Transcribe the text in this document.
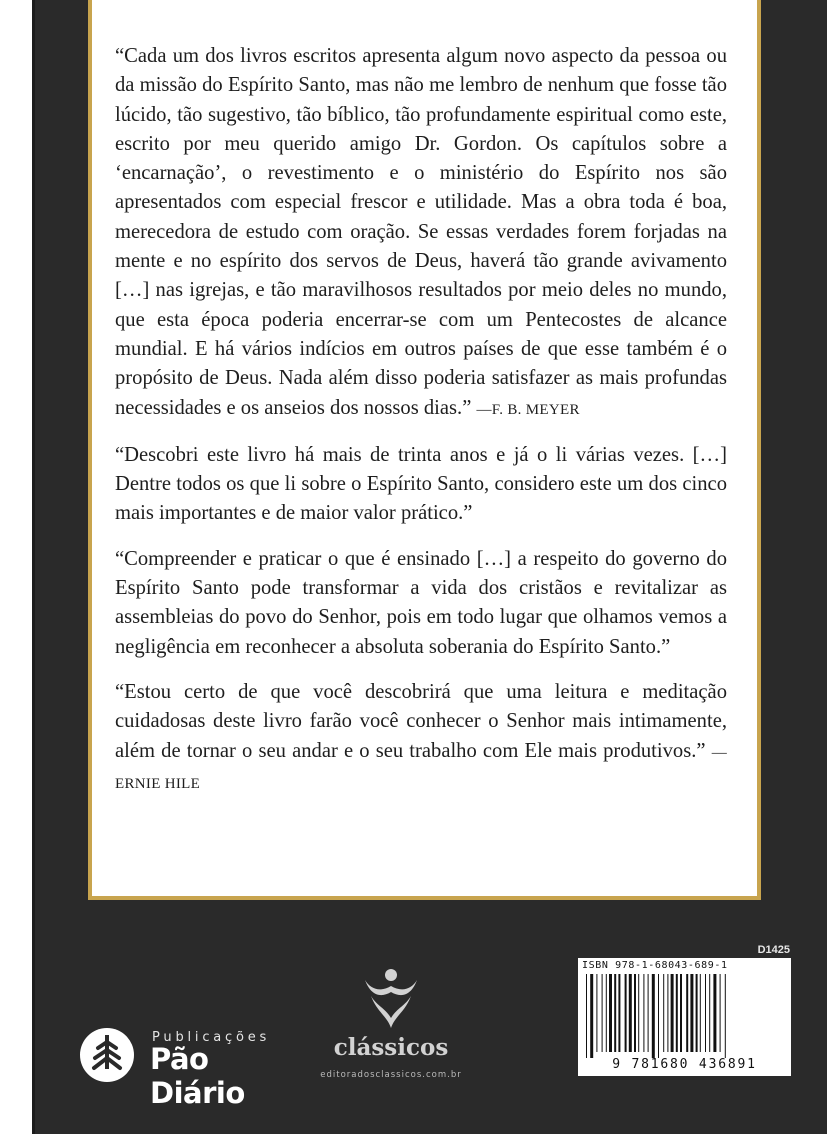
“Cada um dos livros escritos apresenta algum novo aspecto da pessoa ou da missão do Espírito Santo, mas não me lembro de nenhum que fosse tão lúcido, tão sugestivo, tão bíblico, tão profundamente espiritual como este, escrito por meu querido amigo Dr. Gordon. Os capítulos sobre a ‘encarnação’, o revestimento e o ministério do Espírito nos são apresentados com especial frescor e utilidade. Mas a obra toda é boa, merecedora de estudo com oração. Se essas verdades forem forjadas na mente e no espírito dos servos de Deus, haverá tão grande avivamento […] nas igrejas, e tão maravilhosos resultados por meio deles no mundo, que esta época poderia encerrar-se com um Pentecostes de alcance mundial. E há vários indícios em outros países de que esse também é o propósito de Deus. Nada além disso poderia satisfazer as mais profundas necessidades e os anseios dos nossos dias.” —F. B. MEYER

“Descobri este livro há mais de trinta anos e já o li várias vezes. […] Dentre todos os que li sobre o Espírito Santo, considero este um dos cinco mais importantes e de maior valor prático.”

“Compreender e praticar o que é ensinado […] a respeito do governo do Espírito Santo pode transformar a vida dos cristãos e revitalizar as assembleias do povo do Senhor, pois em todo lugar que olhamos vemos a negligência em reconhecer a absoluta soberania do Espírito Santo.”

“Estou certo de que você descobrirá que uma leitura e meditação cuidadosas deste livro farão você conhecer o Senhor mais intimamente, além de tornar o seu andar e o seu trabalho com Ele mais produtivos.” —ERNIE HILE

Publicações
Pão Diário
clássicos
editoradosclassicos.com.br
D1425
ISBN 978-1-68043-689-1
9 781680 436891
